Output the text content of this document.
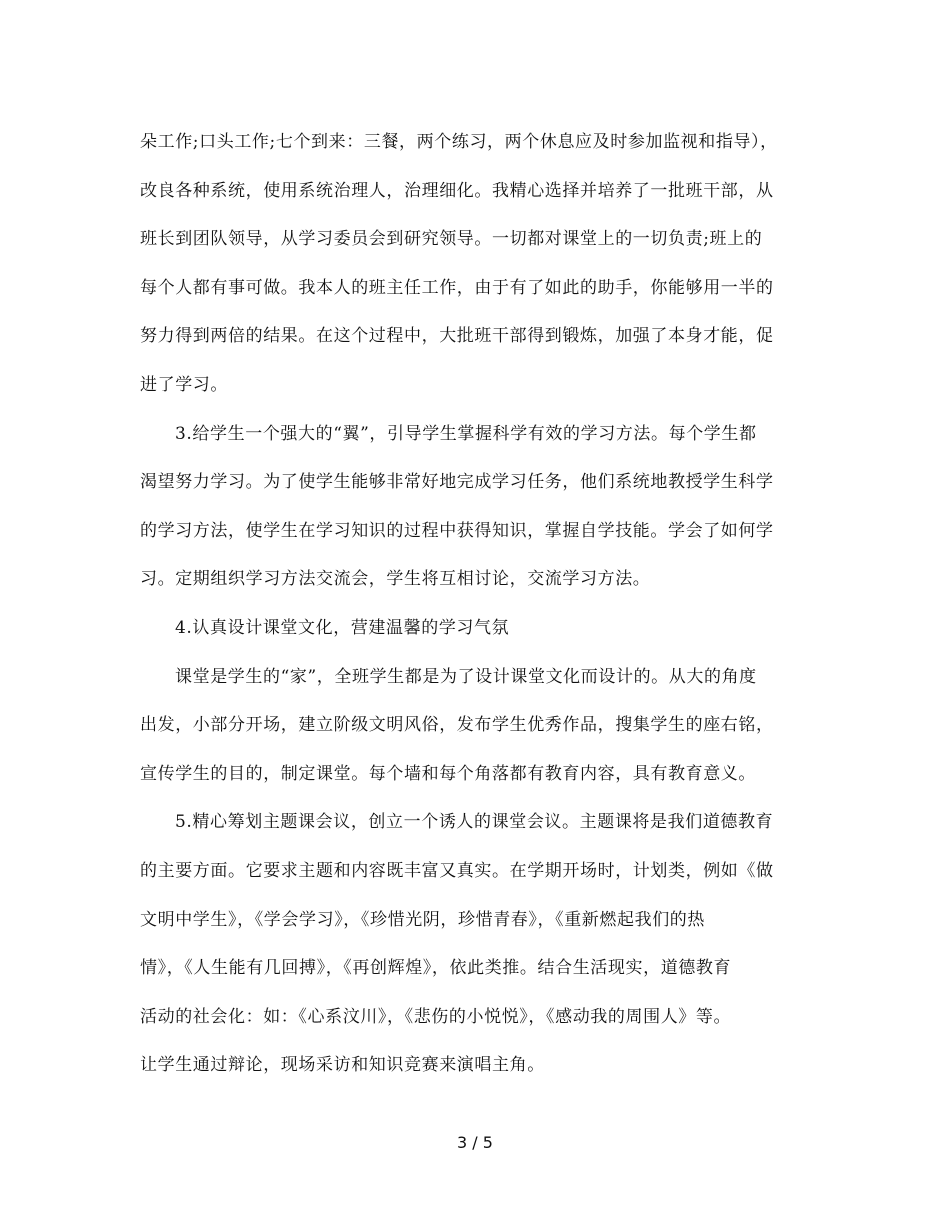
朵工作;口头工作;七个到来：三餐，两个练习，两个休息应及时参加监视和指导），
改良各种系统，使用系统治理人，治理细化。我精心选择并培养了一批班干部，从
班长到团队领导，从学习委员会到研究领导。一切都对课堂上的一切负责;班上的
每个人都有事可做。我本人的班主任工作，由于有了如此的助手，你能够用一半的
努力得到两倍的结果。在这个过程中，大批班干部得到锻炼，加强了本身才能，促
进了学习。
3.给学生一个强大的“翼”，引导学生掌握科学有效的学习方法。每个学生都
渴望努力学习。为了使学生能够非常好地完成学习任务，他们系统地教授学生科学
的学习方法，使学生在学习知识的过程中获得知识，掌握自学技能。学会了如何学
习。定期组织学习方法交流会，学生将互相讨论，交流学习方法。
4.认真设计课堂文化，营建温馨的学习气氛
课堂是学生的“家”，全班学生都是为了设计课堂文化而设计的。从大的角度
出发，小部分开场，建立阶级文明风俗，发布学生优秀作品，搜集学生的座右铭，
宣传学生的目的，制定课堂。每个墙和每个角落都有教育内容，具有教育意义。
5.精心筹划主题课会议，创立一个诱人的课堂会议。主题课将是我们道德教育
的主要方面。它要求主题和内容既丰富又真实。在学期开场时，计划类，例如《做
文明中学生》，《学会学习》，《珍惜光阴，珍惜青春》，《重新燃起我们的热
情》，《人生能有几回搏》，《再创辉煌》，依此类推。结合生活现实，道德教育
活动的社会化：如：《心系汶川》，《悲伤的小悦悦》，《感动我的周围人》等。
让学生通过辩论，现场采访和知识竞赛来演唱主角。
3 / 5
